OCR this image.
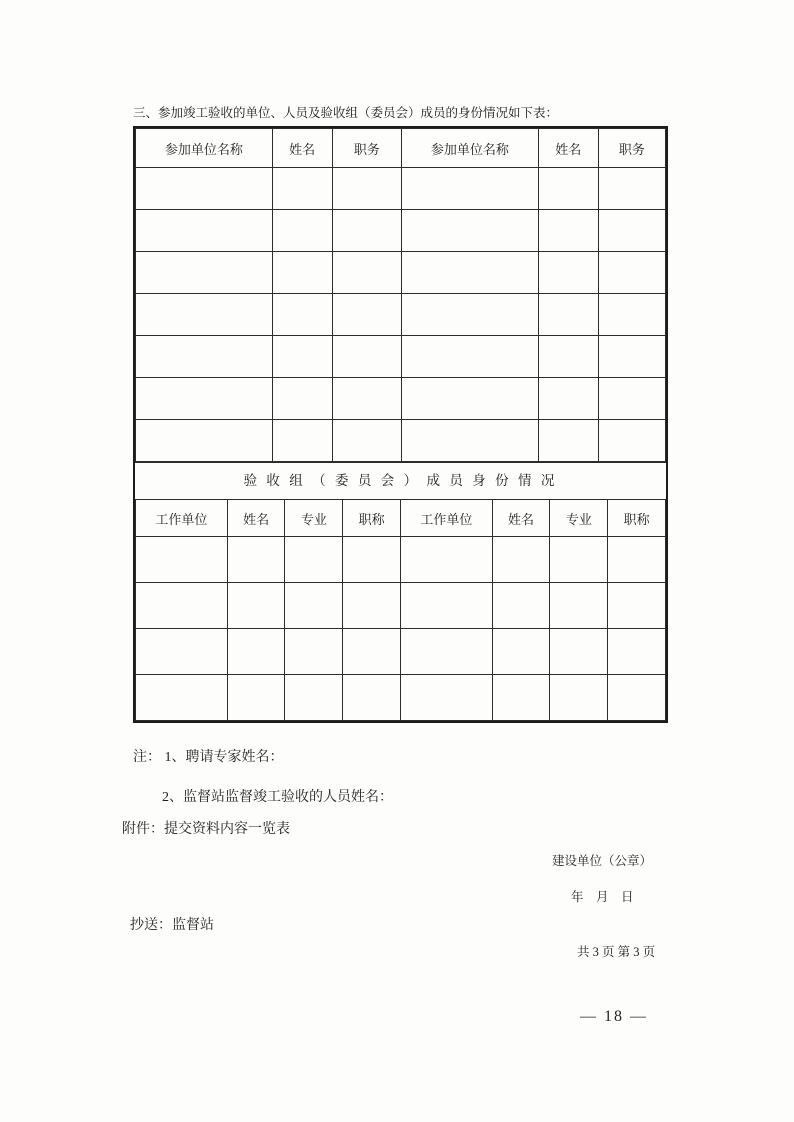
三、参加竣工验收的单位、人员及验收组（委员会）成员的身份情况如下表：
参加单位名称	姓名	职务	参加单位名称	姓名	职务

验 收 组 （ 委 员 会 ） 成 员 身 份 情 况
工作单位	姓名	专业	职称	工作单位	姓名	专业	职称

注： 1、聘请专家姓名：
2、监督站监督竣工验收的人员姓名：
附件：提交资料内容一览表
建设单位（公章）
年　月　日
抄送：监督站
共 3 页 第 3 页
— 18 —
